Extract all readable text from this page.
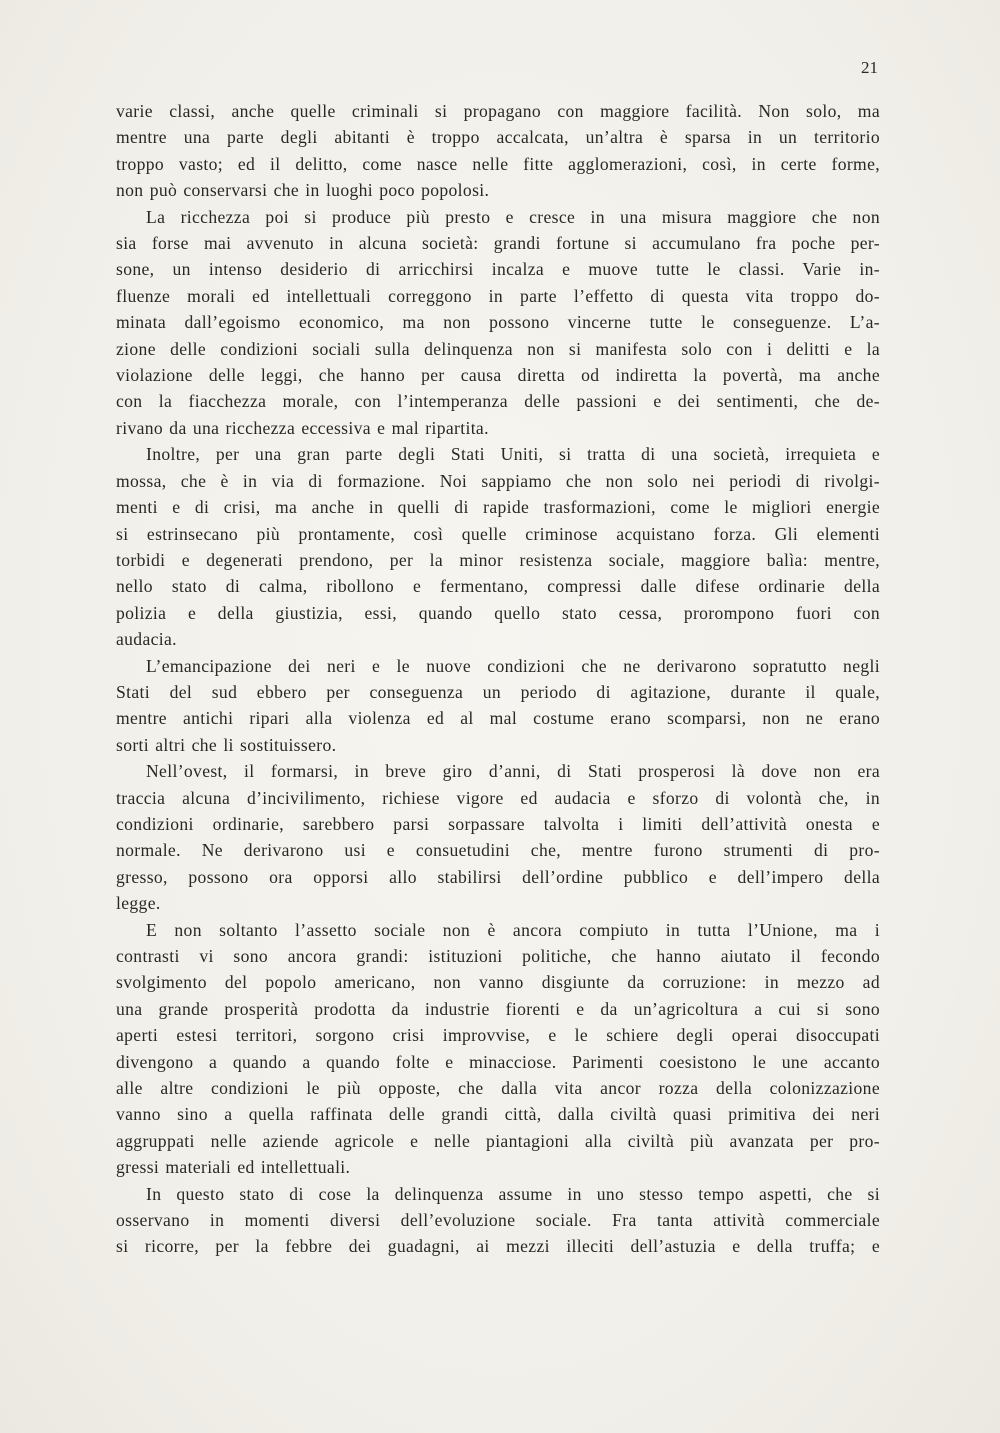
21
varie classi, anche quelle criminali si propagano con maggiore facilità. Non solo, ma
mentre una parte degli abitanti è troppo accalcata, un’altra è sparsa in un territorio
troppo vasto; ed il delitto, come nasce nelle fitte agglomerazioni, così, in certe forme,
non può conservarsi che in luoghi poco popolosi.
La ricchezza poi si produce più presto e cresce in una misura maggiore che non
sia forse mai avvenuto in alcuna società: grandi fortune si accumulano fra poche per-
sone, un intenso desiderio di arricchirsi incalza e muove tutte le classi. Varie in-
fluenze morali ed intellettuali correggono in parte l’effetto di questa vita troppo do-
minata dall’egoismo economico, ma non possono vincerne tutte le conseguenze. L’a-
zione delle condizioni sociali sulla delinquenza non si manifesta solo con i delitti e la
violazione delle leggi, che hanno per causa diretta od indiretta la povertà, ma anche
con la fiacchezza morale, con l’intemperanza delle passioni e dei sentimenti, che de-
rivano da una ricchezza eccessiva e mal ripartita.
Inoltre, per una gran parte degli Stati Uniti, si tratta di una società, irrequieta e
mossa, che è in via di formazione. Noi sappiamo che non solo nei periodi di rivolgi-
menti e di crisi, ma anche in quelli di rapide trasformazioni, come le migliori energie
si estrinsecano più prontamente, così quelle criminose acquistano forza. Gli elementi
torbidi e degenerati prendono, per la minor resistenza sociale, maggiore balìa: mentre,
nello stato di calma, ribollono e fermentano, compressi dalle difese ordinarie della
polizia e della giustizia, essi, quando quello stato cessa, prorompono fuori con
audacia.
L’emancipazione dei neri e le nuove condizioni che ne derivarono sopratutto negli
Stati del sud ebbero per conseguenza un periodo di agitazione, durante il quale,
mentre antichi ripari alla violenza ed al mal costume erano scomparsi, non ne erano
sorti altri che li sostituissero.
Nell’ovest, il formarsi, in breve giro d’anni, di Stati prosperosi là dove non era
traccia alcuna d’incivilimento, richiese vigore ed audacia e sforzo di volontà che, in
condizioni ordinarie, sarebbero parsi sorpassare talvolta i limiti dell’attività onesta e
normale. Ne derivarono usi e consuetudini che, mentre furono strumenti di pro-
gresso, possono ora opporsi allo stabilirsi dell’ordine pubblico e dell’impero della
legge.
E non soltanto l’assetto sociale non è ancora compiuto in tutta l’Unione, ma i
contrasti vi sono ancora grandi: istituzioni politiche, che hanno aiutato il fecondo
svolgimento del popolo americano, non vanno disgiunte da corruzione: in mezzo ad
una grande prosperità prodotta da industrie fiorenti e da un’agricoltura a cui si sono
aperti estesi territori, sorgono crisi improvvise, e le schiere degli operai disoccupati
divengono a quando a quando folte e minacciose. Parimenti coesistono le une accanto
alle altre condizioni le più opposte, che dalla vita ancor rozza della colonizzazione
vanno sino a quella raffinata delle grandi città, dalla civiltà quasi primitiva dei neri
aggruppati nelle aziende agricole e nelle piantagioni alla civiltà più avanzata per pro-
gressi materiali ed intellettuali.
In questo stato di cose la delinquenza assume in uno stesso tempo aspetti, che si
osservano in momenti diversi dell’evoluzione sociale. Fra tanta attività commerciale
si ricorre, per la febbre dei guadagni, ai mezzi illeciti dell’astuzia e della truffa; e
